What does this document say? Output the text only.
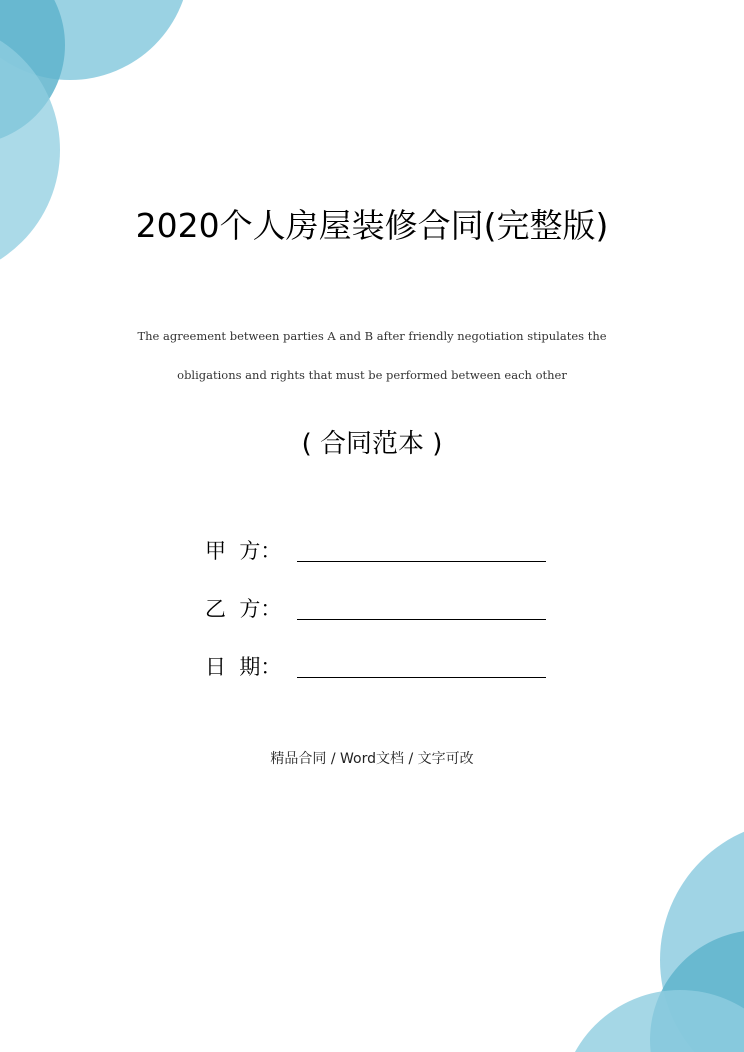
2020个人房屋装修合同(完整版)
The agreement between parties A and B after friendly negotiation stipulates the
obligations and rights that must be performed between each other
( 合同范本 )
甲  方：
乙  方：
日  期：
精品合同 / Word文档 / 文字可改
